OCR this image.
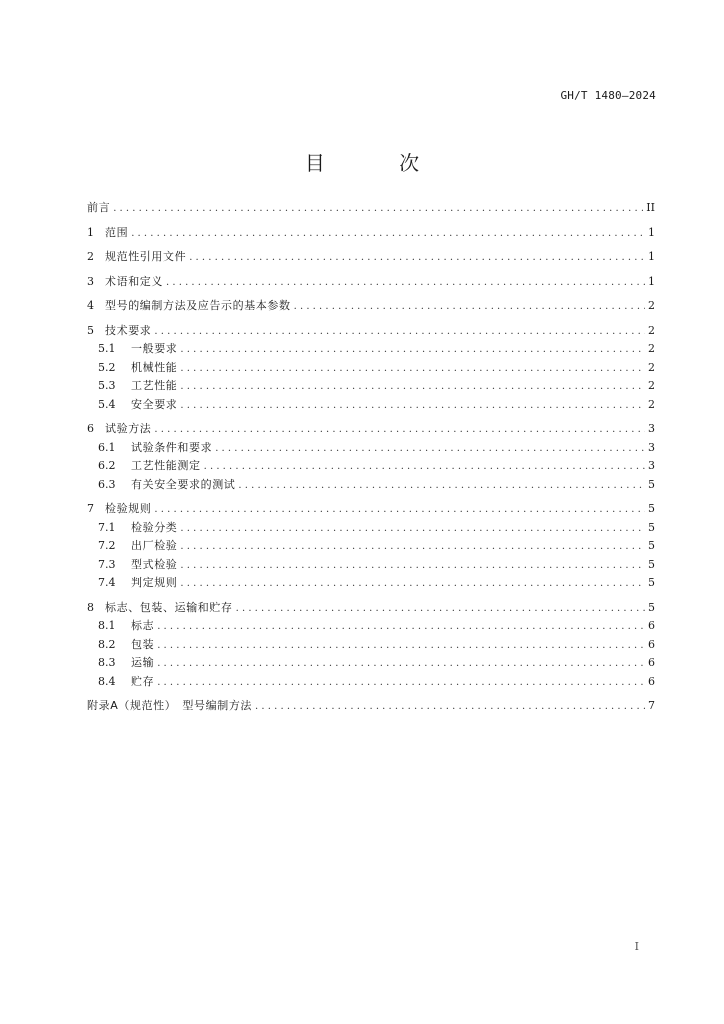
GH/T 1480—2024
目 次
前言 . . .	II
1	范围 . . .	1
2	规范性引用文件 . . .	1
3	术语和定义 . . .	1
4	型号的编制方法及应告示的基本参数 . . .	2
5	技术要求 . . .	2
5.1	一般要求 . . .	2
5.2	机械性能 . . .	2
5.3	工艺性能 . . .	2
5.4	安全要求 . . .	2
6	试验方法 . . .	3
6.1	试验条件和要求 . . .	3
6.2	工艺性能测定 . . .	3
6.3	有关安全要求的测试 . . .	5
7	检验规则 . . .	5
7.1	检验分类 . . .	5
7.2	出厂检验 . . .	5
7.3	型式检验 . . .	5
7.4	判定规则 . . .	5
8	标志、包装、运输和贮存 . . .	5
8.1	标志 . . .	6
8.2	包装 . . .	6
8.3	运输 . . .	6
8.4	贮存 . . .	6
附录A（规范性）　型号编制方法 . . .	7
I
